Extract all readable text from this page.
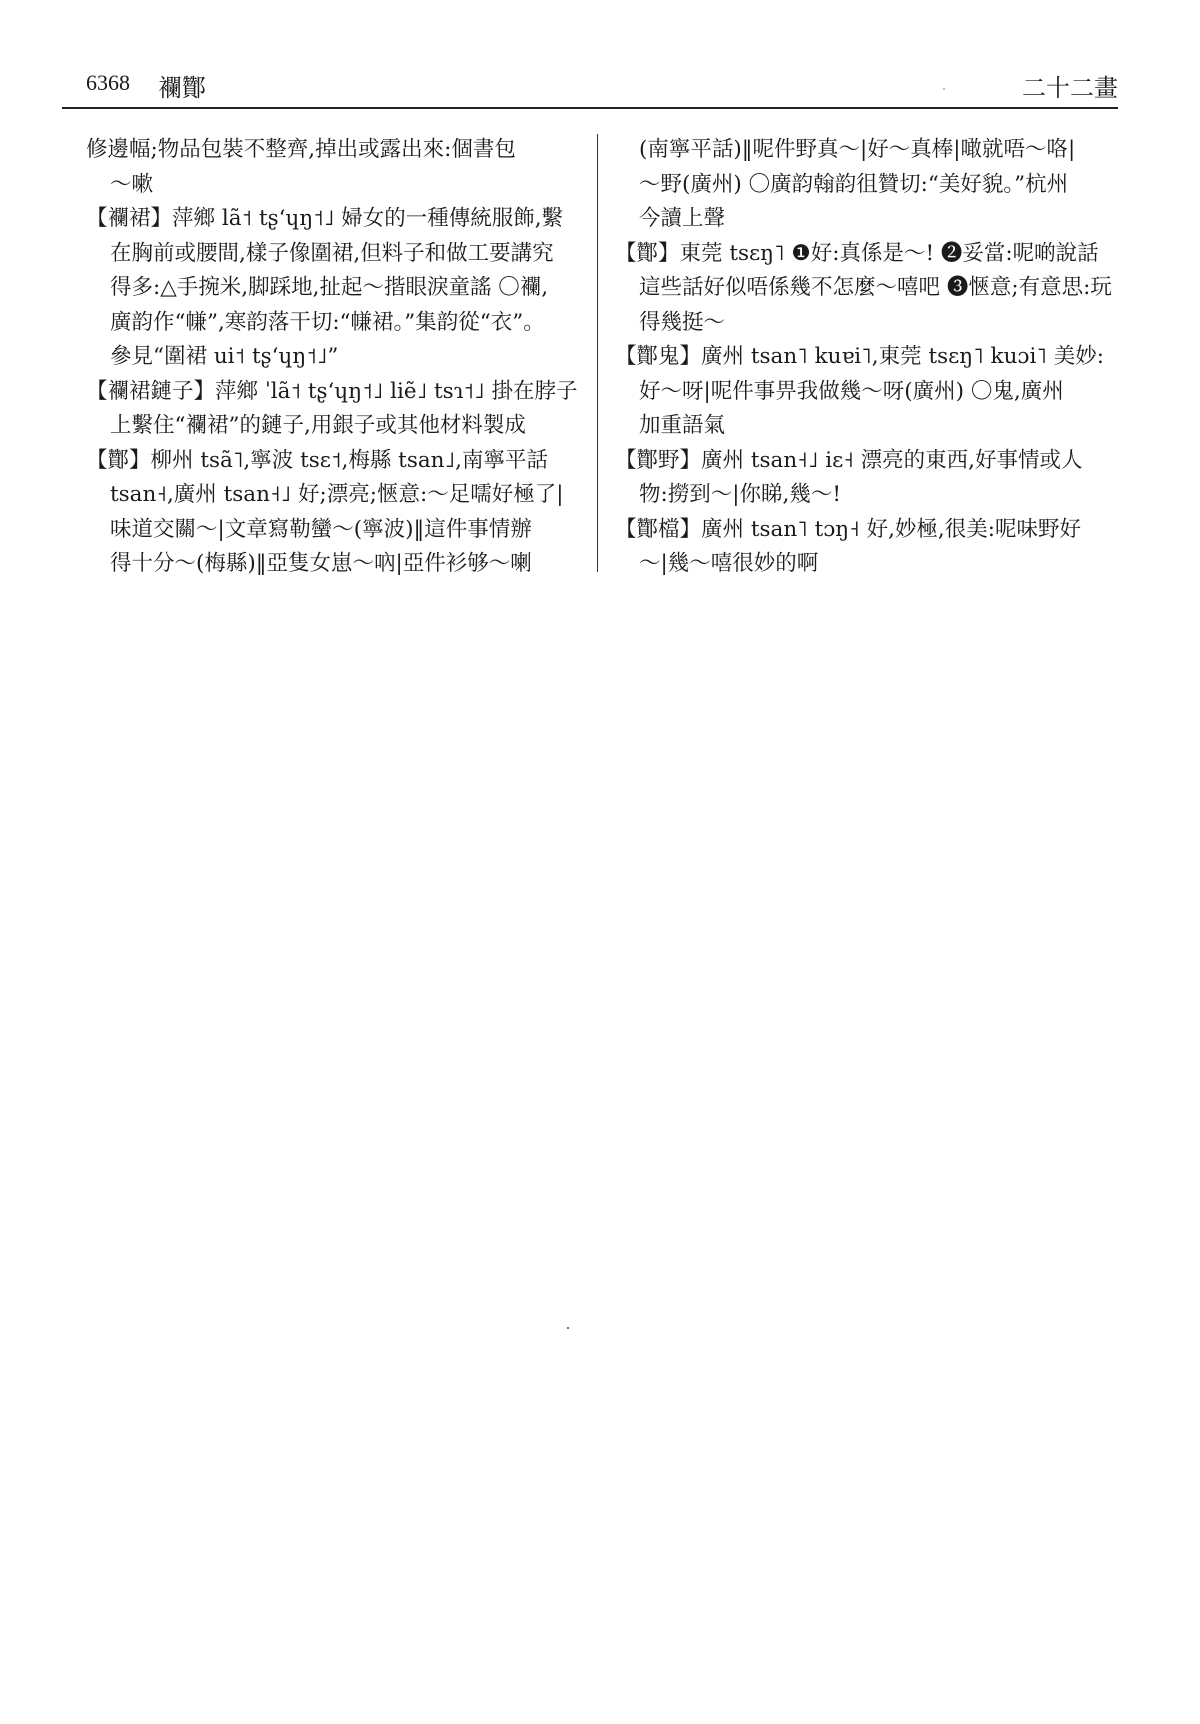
6368 襴酇	二十二畫
修邊幅;物品包裝不整齊,掉出或露出來:個書包
～嗽
【襴裙】萍鄉 lã˦ tʂʻɥŋ˦˩ 婦女的一種傳統服飾,繫
在胸前或腰間,樣子像圍裙,但料子和做工要講究
得多:△手捥米,脚踩地,扯起～揩眼淚童謠 〇襴,
廣韵作“㡘”,寒韵落干切:“㡘裙。”集韵從“衣”。
參見“圍裙 ui˦ tʂʻɥŋ˦˩”
【襴裙鏈子】萍鄉 ˈlã˦ tʂʻɥŋ˦˩ liẽ˩ tsɿ˦˩ 掛在脖子
上繫住“襴裙”的鏈子,用銀子或其他材料製成
【酇】柳州 tsã˥,寧波 tsɛ˦,梅縣 tsan˩,南寧平話
tsan˧,廣州 tsan˧˩ 好;漂亮;愜意:～足嚅好極了|
味道交關～|文章寫勒蠻～(寧波)‖這件事情辦
得十分～(梅縣)‖亞隻女崽～吶|亞件衫够～喇
(南寧平話)‖呢件野真～|好～真棒|噉就唔～咯|
～野(廣州) 〇廣韵翰韵徂贊切:“美好貌。”杭州
今讀上聲
【酇】東莞 tsɛŋ˥ ❶好:真係是～! ❷妥當:呢啲說話
這些話好似唔係幾不怎麼～嘻吧 ❸愜意;有意思:玩
得幾挺～
【酇鬼】廣州 tsan˥ kuɐi˥,東莞 tsɛŋ˥ kuɔi˥ 美妙:
好～呀|呢件事畀我做幾～呀(廣州) 〇鬼,廣州
加重語氣
【酇野】廣州 tsan˧˩ iɛ˧ 漂亮的東西,好事情或人
物:撈到～|你睇,幾～!
【酇檔】廣州 tsan˥ tɔŋ˧ 好,妙極,很美:呢味野好
～|幾～嘻很妙的啊
